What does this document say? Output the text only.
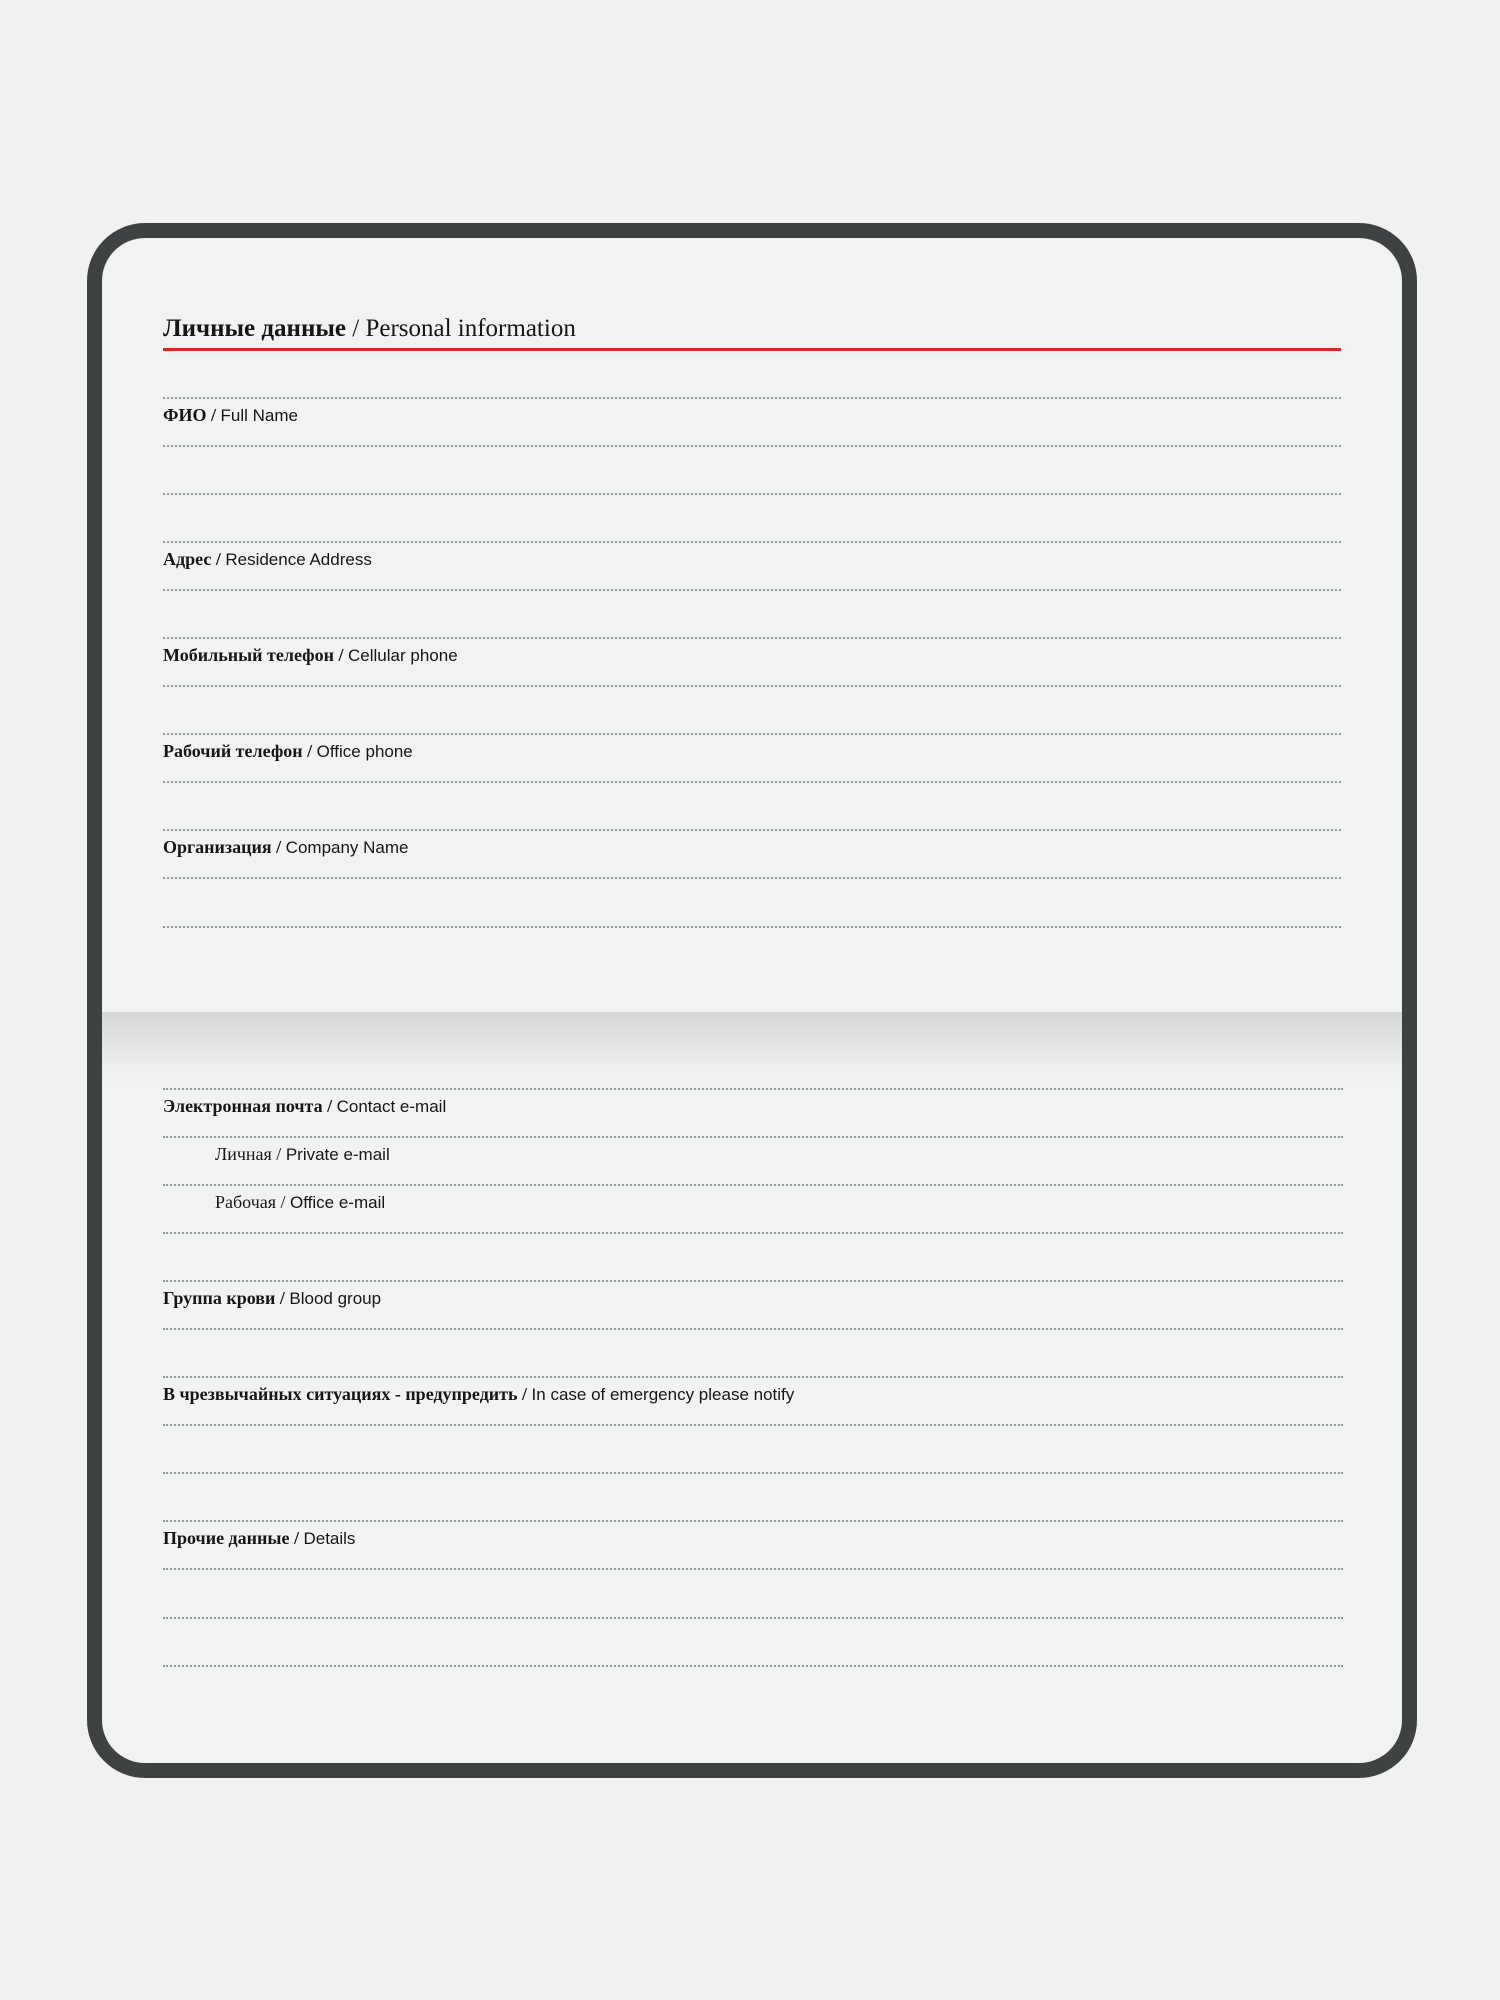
Личные данные / Personal information
ФИО / Full Name
Адрес / Residence Address
Мобильный телефон / Cellular phone
Рабочий телефон / Office phone
Организация / Company Name
Электронная почта / Contact e-mail
Личная / Private e-mail
Рабочая / Office e-mail
Группа крови / Blood group
В чрезвычайных ситуациях - предупредить / In case of emergency please notify
Прочие данные / Details
